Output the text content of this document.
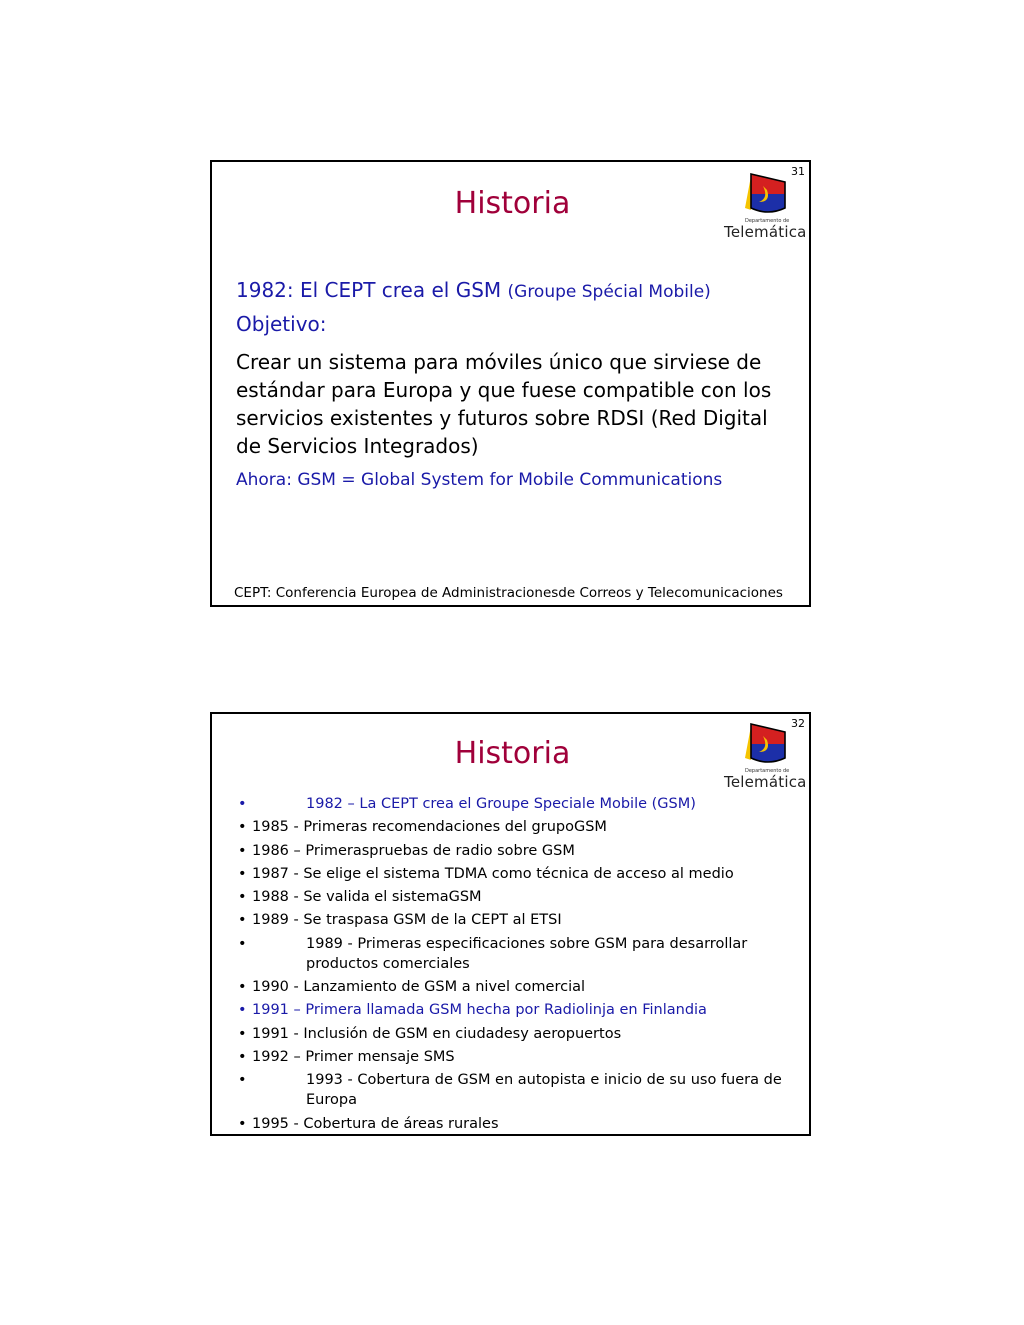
31
Historia	Departamento de
Telemática

1982: El CEPT crea el GSM (Groupe Spécial Mobile)

Objetivo:

Crear un sistema para móviles único que sirviese de estándar para Europa y que fuese compatible con los servicios existentes y futuros sobre RDSI (Red Digital de Servicios Integrados)

Ahora: GSM = Global System for Mobile Communications

CEPT: Conferencia Europea de Administracionesde Correos y Telecomunicaciones
32
Historia	Departamento de
Telemática
•	1982 – La CEPT crea el Groupe Speciale Mobile (GSM)
• 1985 - Primeras recomendaciones del grupoGSM
• 1986 – Primeraspruebas de radio sobre GSM
• 1987 - Se elige el sistema TDMA como técnica de acceso al medio
• 1988 - Se valida el sistemaGSM
• 1989 - Se traspasa GSM de la CEPT al ETSI
•	1989 - Primeras especificaciones sobre GSM para desarrollar productos comerciales
• 1990 - Lanzamiento de GSM a nivel comercial
• 1991 – Primera llamada GSM hecha por Radiolinja en Finlandia
• 1991 - Inclusión de GSM en ciudadesy aeropuertos
• 1992 – Primer mensaje SMS
•	1993 - Cobertura de GSM en autopista e inicio de su uso fuera de Europa
• 1995 - Cobertura de áreas rurales
